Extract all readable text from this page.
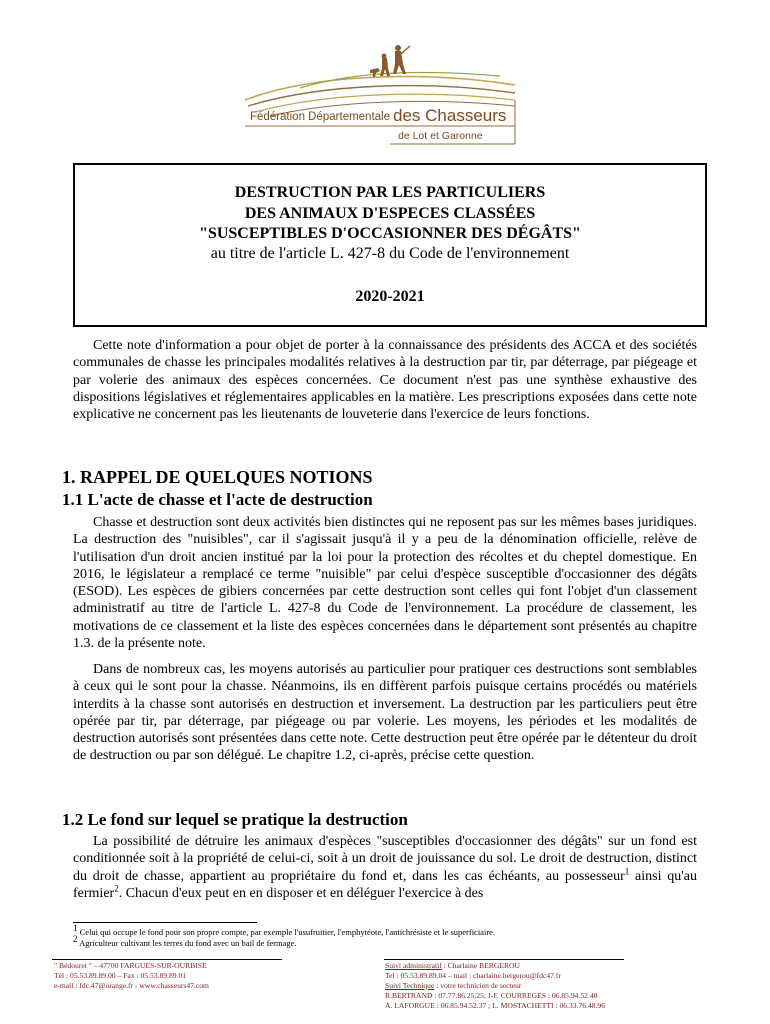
Fédération Départementale des Chasseurs
de Lot et Garonne
DESTRUCTION PAR LES PARTICULIERS
DES ANIMAUX D'ESPECES CLASSÉES
"SUSCEPTIBLES D'OCCASIONNER DES DÉGÂTS"
au titre de l'article L. 427-8 du Code de l'environnement
2020-2021

Cette note d'information a pour objet de porter à la connaissance des présidents des ACCA et des sociétés communales de chasse les principales modalités relatives à la destruction par tir, par déterrage, par piégeage et par volerie des animaux des espèces concernées. Ce document n'est pas une synthèse exhaustive des dispositions législatives et réglementaires applicables en la matière. Les prescriptions exposées dans cette note explicative ne concernent pas les lieutenants de louveterie dans l'exercice de leurs fonctions.

1. RAPPEL DE QUELQUES NOTIONS
1.1 L'acte de chasse et l'acte de destruction

Chasse et destruction sont deux activités bien distinctes qui ne reposent pas sur les mêmes bases juridiques. La destruction des "nuisibles", car il s'agissait jusqu'à il y a peu de la dénomination officielle, relève de l'utilisation d'un droit ancien institué par la loi pour la protection des récoltes et du cheptel domestique. En 2016, le législateur a remplacé ce terme "nuisible" par celui d'espèce susceptible d'occasionner des dégâts (ESOD). Les espèces de gibiers concernées par cette destruction sont celles qui font l'objet d'un classement administratif au titre de l'article L. 427-8 du Code de l'environnement. La procédure de classement, les motivations de ce classement et la liste des espèces concernées dans le département sont présentés au chapitre 1.3. de la présente note.

Dans de nombreux cas, les moyens autorisés au particulier pour pratiquer ces destructions sont semblables à ceux qui le sont pour la chasse. Néanmoins, ils en diffèrent parfois puisque certains procédés ou matériels interdits à la chasse sont autorisés en destruction et inversement. La destruction par les particuliers peut être opérée par tir, par déterrage, par piégeage ou par volerie. Les moyens, les périodes et les modalités de destruction autorisés sont présentées dans cette note. Cette destruction peut être opérée par le détenteur du droit de destruction ou par son délégué. Le chapitre 1.2, ci-après, précise cette question.

1.2 Le fond sur lequel se pratique la destruction

La possibilité de détruire les animaux d'espèces "susceptibles d'occasionner des dégâts" sur un fond est conditionnée soit à la propriété de celui-ci, soit à un droit de jouissance du sol. Le droit de destruction, distinct du droit de chasse, appartient au propriétaire du fond et, dans les cas échéants, au possesseur$^1$ ainsi qu'au fermier$^2$. Chacun d'eux peut en en disposer et en déléguer l'exercice à des

$^1$ Celui qui occupe le fond pour son propre compte, par exemple l'usufruitier, l'emphytéote, l'antichrésiste et le superficiaire.
$^2$ Agriculteur cultivant les terres du fond avec un bail de fermage.
" Bédouret " – 47700 FARGUES-SUR-OURBISE
Tél : 05.53.89.89.00 – Fax : 05.53.89.89.01
e-mail : fdc.47@orange.fr - www.chasseurs47.com
Suivi administratif : Charlaine BERGEROU
Tel : 05.53.89.89.04 – mail : charlaine.bergerou@fdc47.fr
Suivi Technique : votre technicien de secteur
R.BERTRAND : 07.77.86.25.25; J-F. COURREGES : 06.85.94.52.40
A. LAFORGUE : 06.85.94.52.37 ; L. MOSTACHETTI : 06.33.76.48.96
